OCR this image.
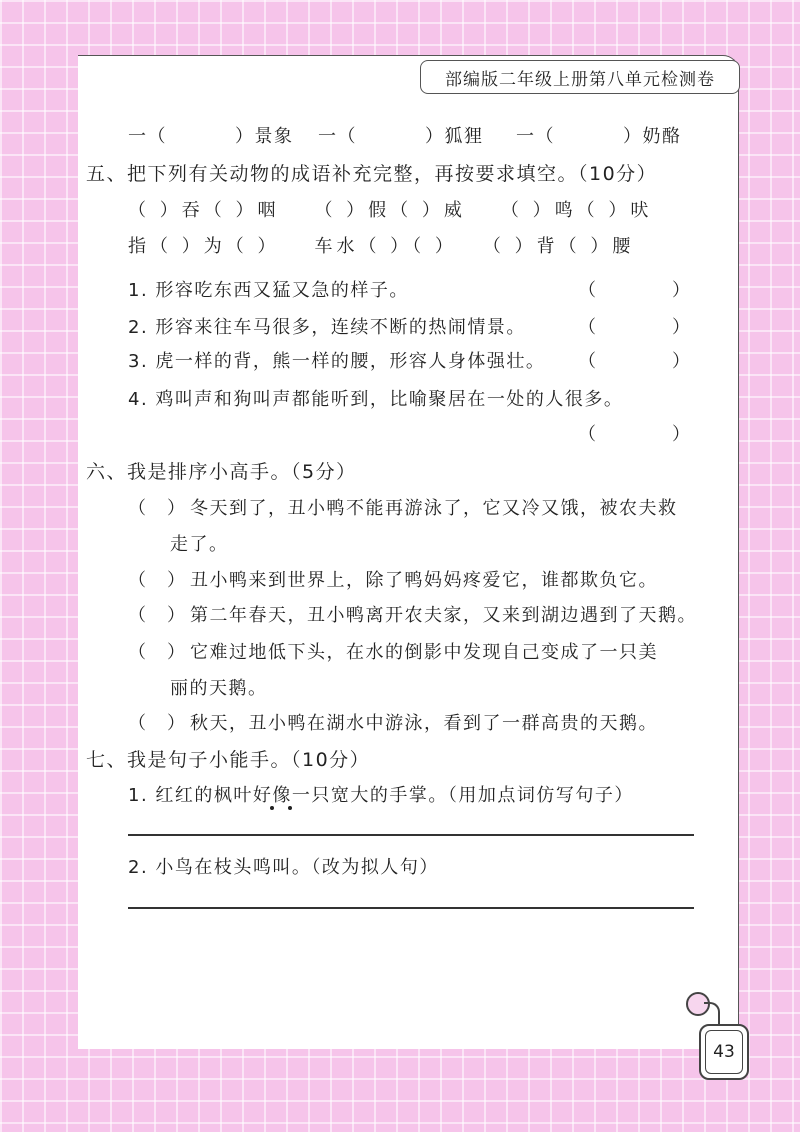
部编版二年级上册第八单元检测卷
一（	）景象 一（	）狐狸 一（	）奶酪
五、把下列有关动物的成语补充完整，再按要求填空。（10分）
（ ）吞（ ）咽　　（ ）假（ ）威　　（ ）鸣（ ）吠
指（ ）为（ ）　　车水（ ）（ ）　　（ ）背（ ）腰
1. 形容吃东西又猛又急的样子。	（	）
2. 形容来往车马很多，连续不断的热闹情景。	（	）
3. 虎一样的背，熊一样的腰，形容人身体强壮。 （	）
4. 鸡叫声和狗叫声都能听到，比喻聚居在一处的人很多。
（	）
六、我是排序小高手。（5分）
（　） 冬天到了，丑小鸭不能再游泳了，它又冷又饿，被农夫救
走了。
（　） 丑小鸭来到世界上，除了鸭妈妈疼爱它，谁都欺负它。
（　） 第二年春天，丑小鸭离开农夫家，又来到湖边遇到了天鹅。
（　） 它难过地低下头，在水的倒影中发现自己变成了一只美
丽的天鹅。
（　） 秋天，丑小鸭在湖水中游泳，看到了一群高贵的天鹅。
七、我是句子小能手。（10分）
1. 红红的枫叶好像一只宽大的手掌。（用加点词仿写句子）
2. 小鸟在枝头鸣叫。（改为拟人句）
43
